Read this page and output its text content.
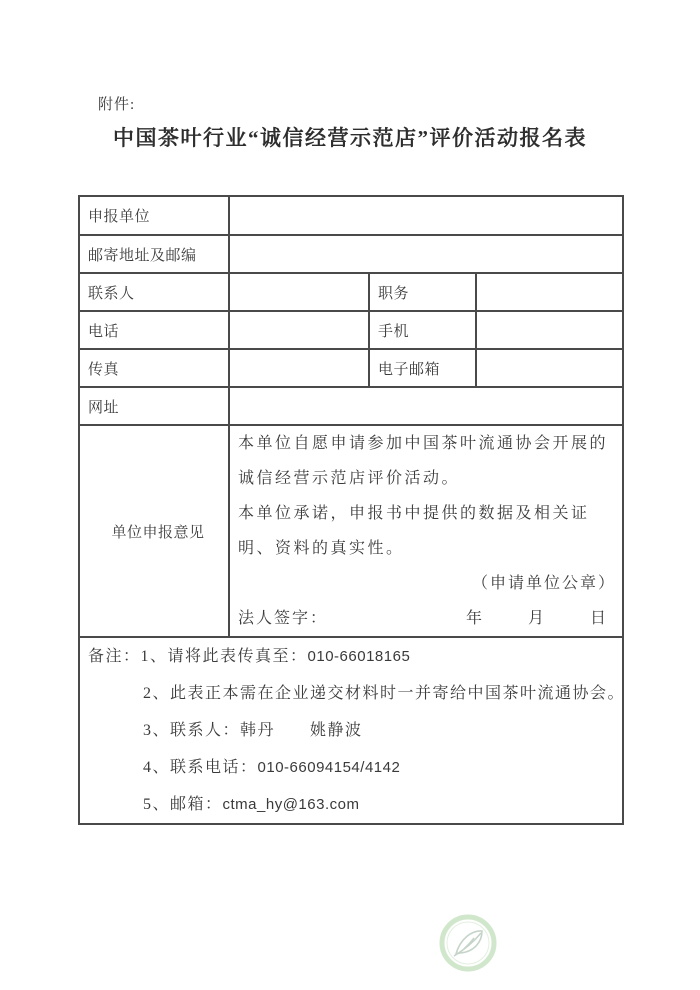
附件:
中国茶叶行业“诚信经营示范店”评价活动报名表
申报单位			
邮寄地址及邮编			
联系人		职务	
电话		手机	
传真		电子邮箱	
网址			
单位申报意见	

本单位自愿申请参加中国茶叶流通协会开展的诚信经营示范店评价活动。

本单位承诺，申报书中提供的数据及相关证明、资料的真实性。

（申请单位公章）

法人签字：	年	月	日

备注：1、请将此表传真至：010-66018165
2、此表正本需在企业递交材料时一并寄给中国茶叶流通协会。
3、联系人：韩丹　　姚静波
4、联系电话：010-66094154/4142
5、邮箱：ctma_hy@163.com			
